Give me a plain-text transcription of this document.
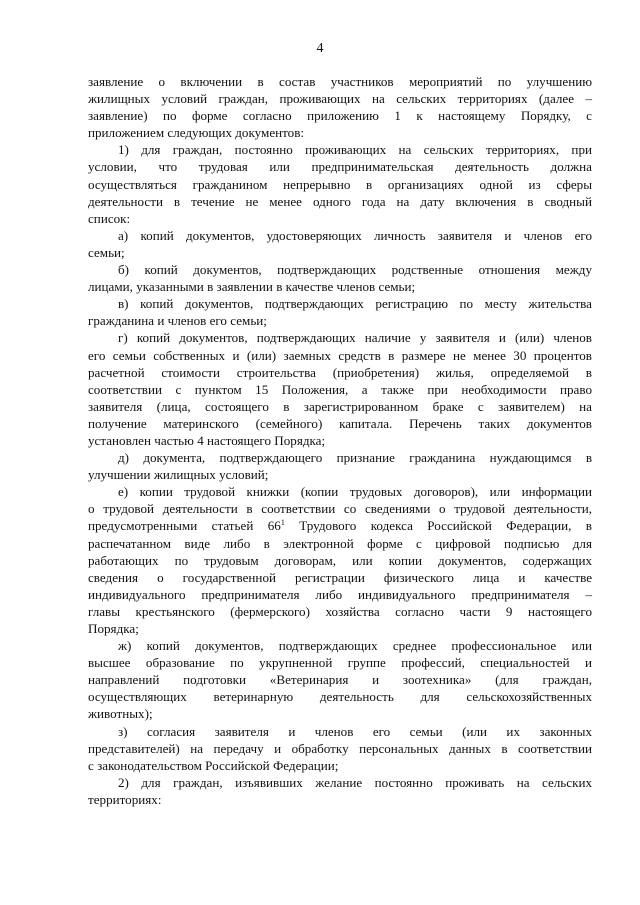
4
заявление о включении в состав участников мероприятий по улучшению
жилищных условий граждан, проживающих на сельских территориях (далее –
заявление) по форме согласно приложению 1 к настоящему Порядку, с
приложением следующих документов:
1) для граждан, постоянно проживающих на сельских территориях, при
условии, что трудовая или предпринимательская деятельность должна
осуществляться гражданином непрерывно в организациях одной из сферы
деятельности в течение не менее одного года на дату включения в сводный
список:
а) копий документов, удостоверяющих личность заявителя и членов его
семьи;
б) копий документов, подтверждающих родственные отношения между
лицами, указанными в заявлении в качестве членов семьи;
в) копий документов, подтверждающих регистрацию по месту жительства
гражданина и членов его семьи;
г) копий документов, подтверждающих наличие у заявителя и (или) членов
его семьи собственных и (или) заемных средств в размере не менее 30 процентов
расчетной стоимости строительства (приобретения) жилья, определяемой в
соответствии с пунктом 15 Положения, а также при необходимости право
заявителя (лица, состоящего в зарегистрированном браке с заявителем) на
получение материнского (семейного) капитала. Перечень таких документов
установлен частью 4 настоящего Порядка;
д) документа, подтверждающего признание гражданина нуждающимся в
улучшении жилищных условий;
е) копии трудовой книжки (копии трудовых договоров), или информации
о трудовой деятельности в соответствии со сведениями о трудовой деятельности,
предусмотренными статьей $66^1$ Трудового кодекса Российской Федерации, в
распечатанном виде либо в электронной форме с цифровой подписью для
работающих по трудовым договорам, или копии документов, содержащих
сведения о государственной регистрации физического лица и качестве
индивидуального предпринимателя либо индивидуального предпринимателя –
главы крестьянского (фермерского) хозяйства согласно части 9 настоящего
Порядка;
ж) копий документов, подтверждающих среднее профессиональное или
высшее образование по укрупненной группе профессий, специальностей и
направлений подготовки «Ветеринария и зоотехника» (для граждан,
осуществляющих ветеринарную деятельность для сельскохозяйственных
животных);
з) согласия заявителя и членов его семьи (или их законных
представителей) на передачу и обработку персональных данных в соответствии
с законодательством Российской Федерации;
2) для граждан, изъявивших желание постоянно проживать на сельских
территориях:
